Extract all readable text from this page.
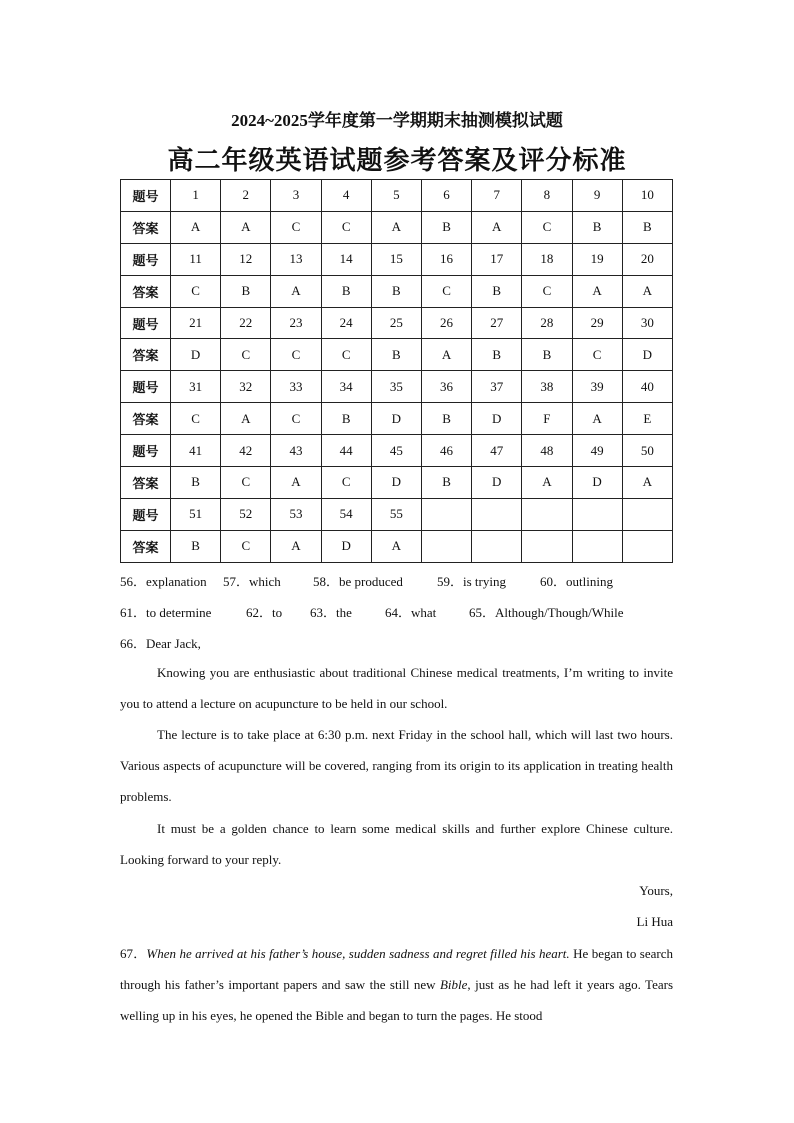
2024~2025学年度第一学期期末抽测模拟试题
高二年级英语试题参考答案及评分标准
题号	1	2	3	4	5	6	7	8	9	10
答案	A	A	C	C	A	B	A	C	B	B
题号	11	12	13	14	15	16	17	18	19	20
答案	C	B	A	B	B	C	B	C	A	A
题号	21	22	23	24	25	26	27	28	29	30
答案	D	C	C	C	B	A	B	B	C	D
题号	31	32	33	34	35	36	37	38	39	40
答案	C	A	C	B	D	B	D	F	A	E
题号	41	42	43	44	45	46	47	48	49	50
答案	B	C	A	C	D	B	D	A	D	A
题号	51	52	53	54	55					
答案	B	C	A	D	A					
56．explanation 57．which 58．be produced	59．is trying	60．outlining
61．to determine	62．to 63．the	64．what	65．Although/Though/While
66．Dear Jack,
Knowing you are enthusiastic about traditional Chinese medical treatments, I’m writing to invite you to attend a lecture on acupuncture to be held in our school.
The lecture is to take place at 6:30 p.m. next Friday in the school hall, which will last two hours. Various aspects of acupuncture will be covered, ranging from its origin to its application in treating health problems.
It must be a golden chance to learn some medical skills and further explore Chinese culture. Looking forward to your reply.
Yours,
Li Hua
67．When he arrived at his father’s house, sudden sadness and regret filled his heart. He began to search through his father’s important papers and saw the still new Bible, just as he had left it years ago. Tears welling up in his eyes, he opened the Bible and began to turn the pages. He stood
